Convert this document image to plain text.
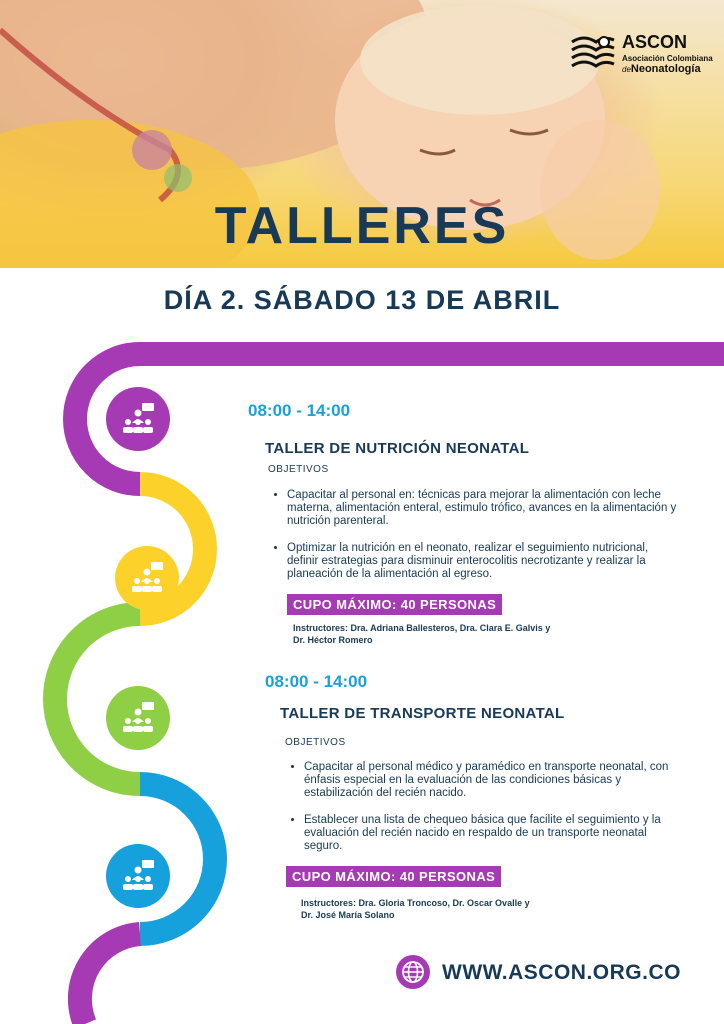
TALLERES
ASCON
Asociación Colombiana
deNeonatología
DÍA 2. SÁBADO 13 DE ABRIL
08:00 - 14:00
TALLER DE NUTRICIÓN NEONATAL
OBJETIVOS
• Capacitar al personal en: técnicas para mejorar la alimentación con leche materna, alimentación enteral, estimulo trófico, avances en la alimentación y nutrición parenteral.
• Optimizar la nutrición en el neonato, realizar el seguimiento nutricional, definir estrategias para disminuir enterocolitis necrotizante y realizar la planeación de la alimentación al egreso.
CUPO MÁXIMO: 40 PERSONAS
Instructores: Dra. Adriana Ballesteros, Dra. Clara E. Galvis y
Dr. Héctor Romero
08:00 - 14:00
TALLER DE TRANSPORTE NEONATAL
OBJETIVOS
• Capacitar al personal médico y paramédico en transporte neonatal, con énfasis especial en la evaluación de las condiciones básicas y estabilización del recién nacido.
• Establecer una lista de chequeo básica que facilite el seguimiento y la evaluación del recién nacido en respaldo de un transporte neonatal seguro.
CUPO MÁXIMO: 40 PERSONAS
Instructores: Dra. Gloria Troncoso, Dr. Oscar Ovalle y
Dr. José María Solano
WWW.ASCON.ORG.CO
